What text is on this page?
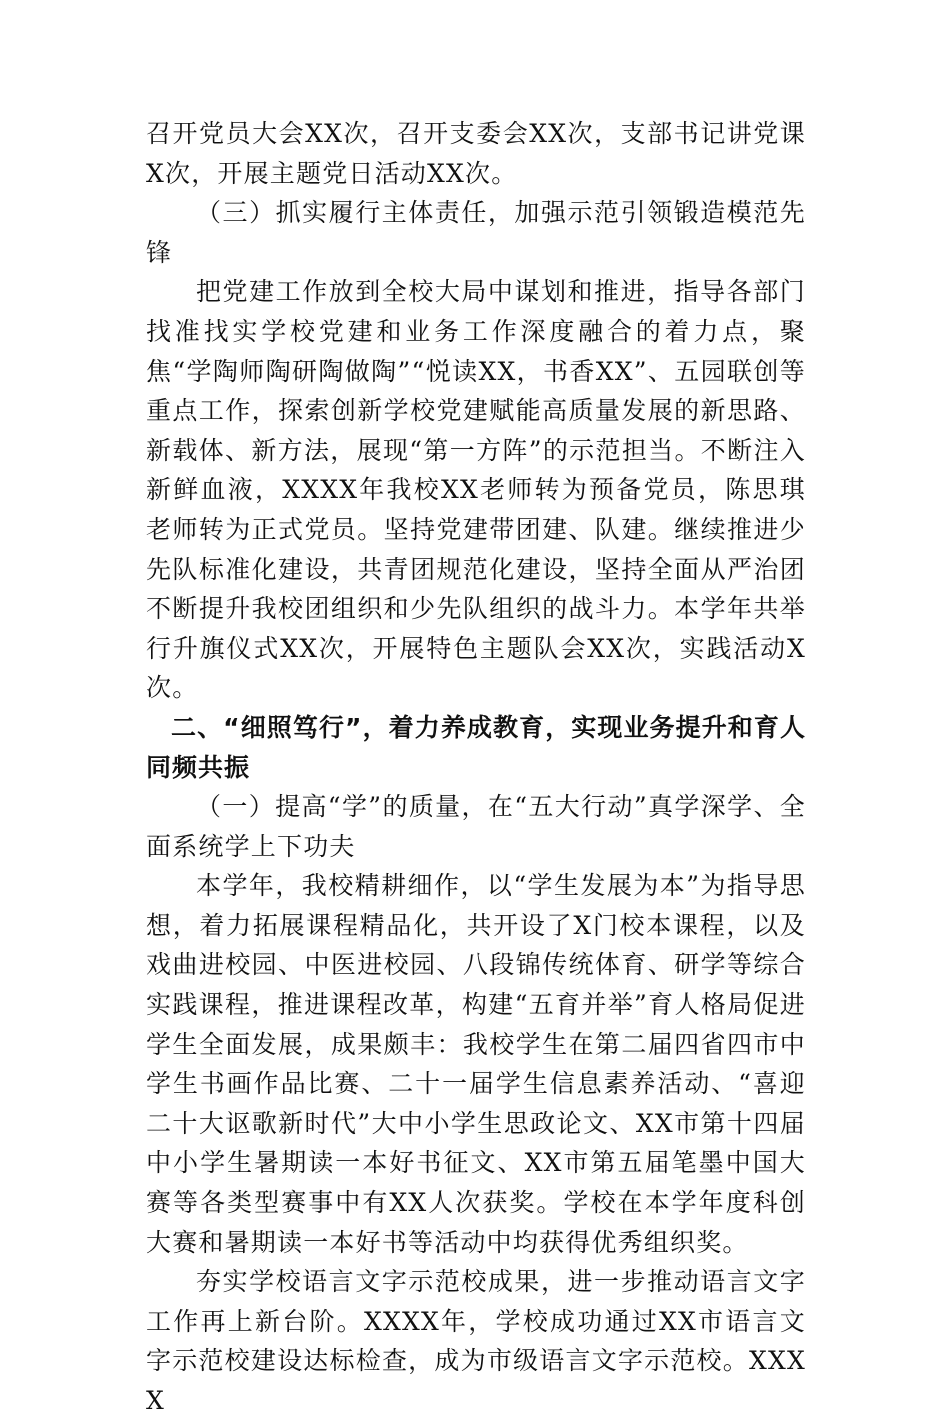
召开党员大会XX次，召开支委会XX次，支部书记讲党课X次，开展主题党日活动XX次。

（三）抓实履行主体责任，加强示范引领锻造模范先锋

把党建工作放到全校大局中谋划和推进，指导各部门找准找实学校党建和业务工作深度融合的着力点，聚焦“学陶师陶研陶做陶”“悦读XX，书香XX”、五园联创等重点工作，探索创新学校党建赋能高质量发展的新思路、新载体、新方法，展现“第一方阵”的示范担当。不断注入新鲜血液，XXXX年我校XX老师转为预备党员，陈思琪老师转为正式党员。坚持党建带团建、队建。继续推进少先队标准化建设，共青团规范化建设，坚持全面从严治团不断提升我校团组织和少先队组织的战斗力。本学年共举行升旗仪式XX次，开展特色主题队会XX次，实践活动X次。

二、“细照笃行”，着力养成教育，实现业务提升和育人同频共振

（一）提高“学”的质量，在“五大行动”真学深学、全面系统学上下功夫

本学年，我校精耕细作，以“学生发展为本”为指导思想，着力拓展课程精品化，共开设了X门校本课程，以及戏曲进校园、中医进校园、八段锦传统体育、研学等综合实践课程，推进课程改革，构建“五育并举”育人格局促进学生全面发展，成果颇丰：我校学生在第二届四省四市中学生书画作品比赛、二十一届学生信息素养活动、“喜迎二十大讴歌新时代”大中小学生思政论文、XX市第十四届中小学生暑期读一本好书征文、XX市第五届笔墨中国大赛等各类型赛事中有XX人次获奖。学校在本学年度科创大赛和暑期读一本好书等活动中均获得优秀组织奖。

夯实学校语言文字示范校成果，进一步推动语言文字工作再上新台阶。XXXX年，学校成功通过XX市语言文字示范校建设达标检查，成为市级语言文字示范校。XXXX
